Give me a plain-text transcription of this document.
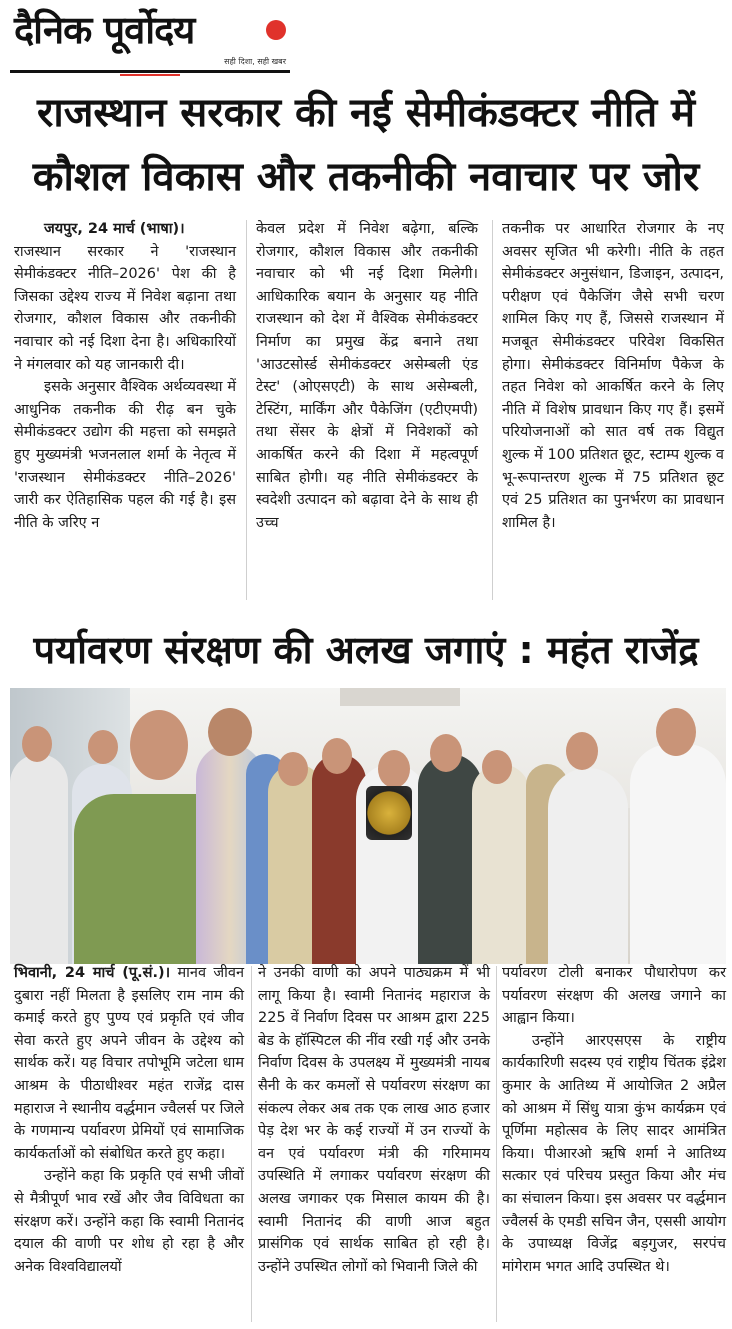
दैनिक पूर्वोदय
सही दिशा, सही खबर
राजस्थान सरकार की नई सेमीकंडक्टर नीति में
कौशल विकास और तकनीकी नवाचार पर जोर

जयपुर, 24 मार्च (भाषा)।

राजस्थान सरकार ने 'राजस्थान सेमीकंडक्टर नीति–2026' पेश की है जिसका उद्देश्य राज्य में निवेश बढ़ाना तथा रोजगार, कौशल विकास और तकनीकी नवाचार को नई दिशा देना है। अधिकारियों ने मंगलवार को यह जानकारी दी।

इसके अनुसार वैश्विक अर्थव्यवस्था में आधुनिक तकनीक की रीढ़ बन चुके सेमीकंडक्टर उद्योग की महत्ता को समझते हुए मुख्यमंत्री भजनलाल शर्मा के नेतृत्व में 'राजस्थान सेमीकंडक्टर नीति–2026' जारी कर ऐतिहासिक पहल की गई है। इस नीति के जरिए न

केवल प्रदेश में निवेश बढ़ेगा, बल्कि रोजगार, कौशल विकास और तकनीकी नवाचार को भी नई दिशा मिलेगी। आधिकारिक बयान के अनुसार यह नीति राजस्थान को देश में वैश्विक सेमीकंडक्टर निर्माण का प्रमुख केंद्र बनाने तथा 'आउटसोर्स्ड सेमीकंडक्टर असेम्बली एंड टेस्ट' (ओएसएटी) के साथ असेम्बली, टेस्टिंग, मार्किंग और पैकेजिंग (एटीएमपी) तथा सेंसर के क्षेत्रों में निवेशकों को आकर्षित करने की दिशा में महत्वपूर्ण साबित होगी। यह नीति सेमीकंडक्टर के स्वदेशी उत्पादन को बढ़ावा देने के साथ ही उच्च

तकनीक पर आधारित रोजगार के नए अवसर सृजित भी करेगी। नीति के तहत सेमीकंडक्टर अनुसंधान, डिजाइन, उत्पादन, परीक्षण एवं पैकेजिंग जैसे सभी चरण शामिल किए गए हैं, जिससे राजस्थान में मजबूत सेमीकंडक्टर परिवेश विकसित होगा। सेमीकंडक्टर विनिर्माण पैकेज के तहत निवेश को आकर्षित करने के लिए नीति में विशेष प्रावधान किए गए हैं। इसमें परियोजनाओं को सात वर्ष तक विद्युत शुल्क में 100 प्रतिशत छूट, स्टाम्प शुल्क व भू-रूपान्तरण शुल्क में 75 प्रतिशत छूट एवं 25 प्रतिशत का पुनर्भरण का प्रावधान शामिल है।

पर्यावरण संरक्षण की अलख जगाएं : महंत राजेंद्र

भिवानी, 24 मार्च (पू.सं.)। मानव जीवन दुबारा नहीं मिलता है इसलिए राम नाम की कमाई करते हुए पुण्य एवं प्रकृति एवं जीव सेवा करते हुए अपने जीवन के उद्देश्य को सार्थक करें। यह विचार तपोभूमि जटेला धाम आश्रम के पीठाधीश्वर महंत राजेंद्र दास महाराज ने स्थानीय वर्द्धमान ज्वैलर्स पर जिले के गणमान्य पर्यावरण प्रेमियों एवं सामाजिक कार्यकर्ताओं को संबोधित करते हुए कहा।

उन्होंने कहा कि प्रकृति एवं सभी जीवों से मैत्रीपूर्ण भाव रखें और जैव विविधता का संरक्षण करें। उन्होंने कहा कि स्वामी नितानंद दयाल की वाणी पर शोध हो रहा है और अनेक विश्वविद्यालयों

ने उनकी वाणी को अपने पाठ्यक्रम में भी लागू किया है। स्वामी नितानंद महाराज के 225 वें निर्वाण दिवस पर आश्रम द्वारा 225 बेड के हॉस्पिटल की नींव रखी गई और उनके निर्वाण दिवस के उपलक्ष्य में मुख्यमंत्री नायब सैनी के कर कमलों से पर्यावरण संरक्षण का संकल्प लेकर अब तक एक लाख आठ हजार पेड़ देश भर के कई राज्यों में उन राज्यों के वन एवं पर्यावरण मंत्री की गरिमामय उपस्थिति में लगाकर पर्यावरण संरक्षण की अलख जगाकर एक मिसाल कायम की है। स्वामी नितानंद की वाणी आज बहुत प्रासंगिक एवं सार्थक साबित हो रही है। उन्होंने उपस्थित लोगों को भिवानी जिले की

पर्यावरण टोली बनाकर पौधारोपण कर पर्यावरण संरक्षण की अलख जगाने का आह्वान किया।

उन्होंने आरएसएस के राष्ट्रीय कार्यकारिणी सदस्य एवं राष्ट्रीय चिंतक इंद्रेश कुमार के आतिथ्य में आयोजित 2 अप्रैल को आश्रम में सिंधु यात्रा कुंभ कार्यक्रम एवं पूर्णिमा महोत्सव के लिए सादर आमंत्रित किया। पीआरओ ऋषि शर्मा ने आतिथ्य सत्कार एवं परिचय प्रस्तुत किया और मंच का संचालन किया। इस अवसर पर वर्द्धमान ज्वैलर्स के एमडी सचिन जैन, एससी आयोग के उपाध्यक्ष विजेंद्र बड़गुजर, सरपंच मांगेराम भगत आदि उपस्थित थे।
